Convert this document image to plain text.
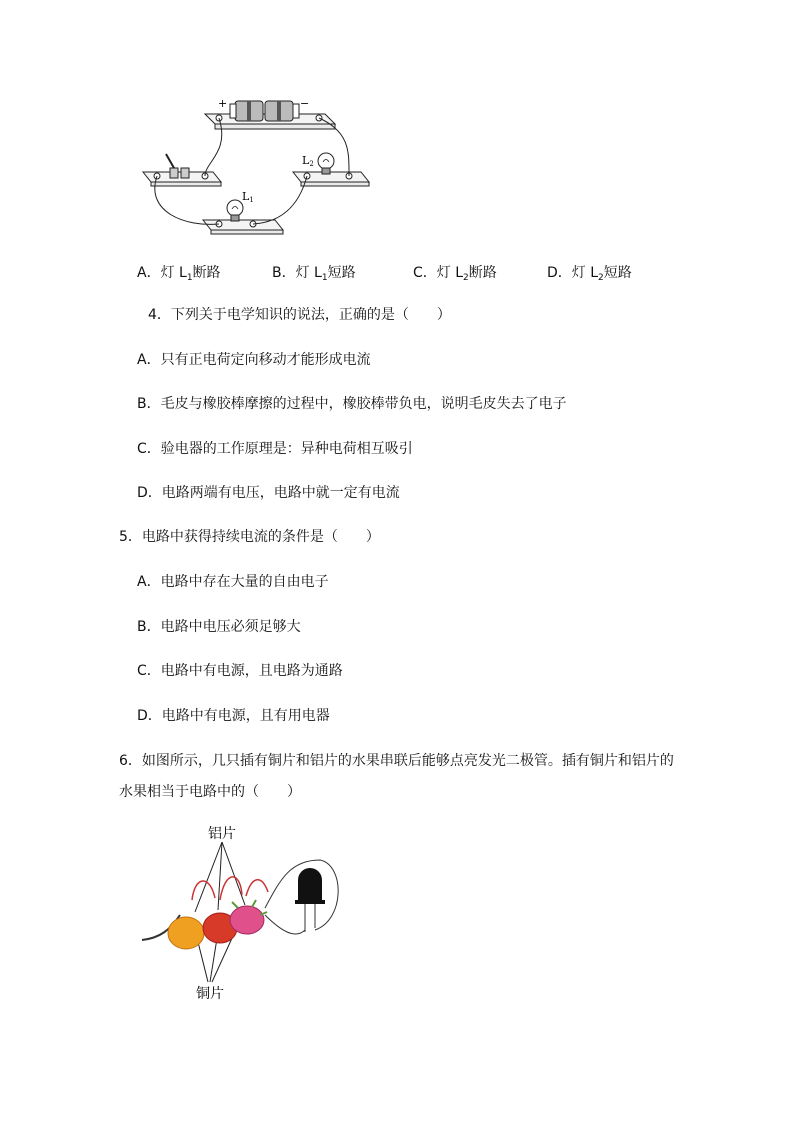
+	−
L2
L1
A．灯 $L_1$断路	B．灯 $L_1$短路	C．灯 $L_2$断路	D．灯 $L_2$短路
4．下列关于电学知识的说法，正确的是（　　）
A．只有正电荷定向移动才能形成电流
B．毛皮与橡胶棒摩擦的过程中，橡胶棒带负电，说明毛皮失去了电子
C．验电器的工作原理是：异种电荷相互吸引
D．电路两端有电压，电路中就一定有电流
5．电路中获得持续电流的条件是（　　）
A．电路中存在大量的自由电子
B．电路中电压必须足够大
C．电路中有电源，且电路为通路
D．电路中有电源，且有用电器
6．如图所示，几只插有铜片和铝片的水果串联后能够点亮发光二极管。插有铜片和铝片的
水果相当于电路中的（　　）
铝片
铜片
